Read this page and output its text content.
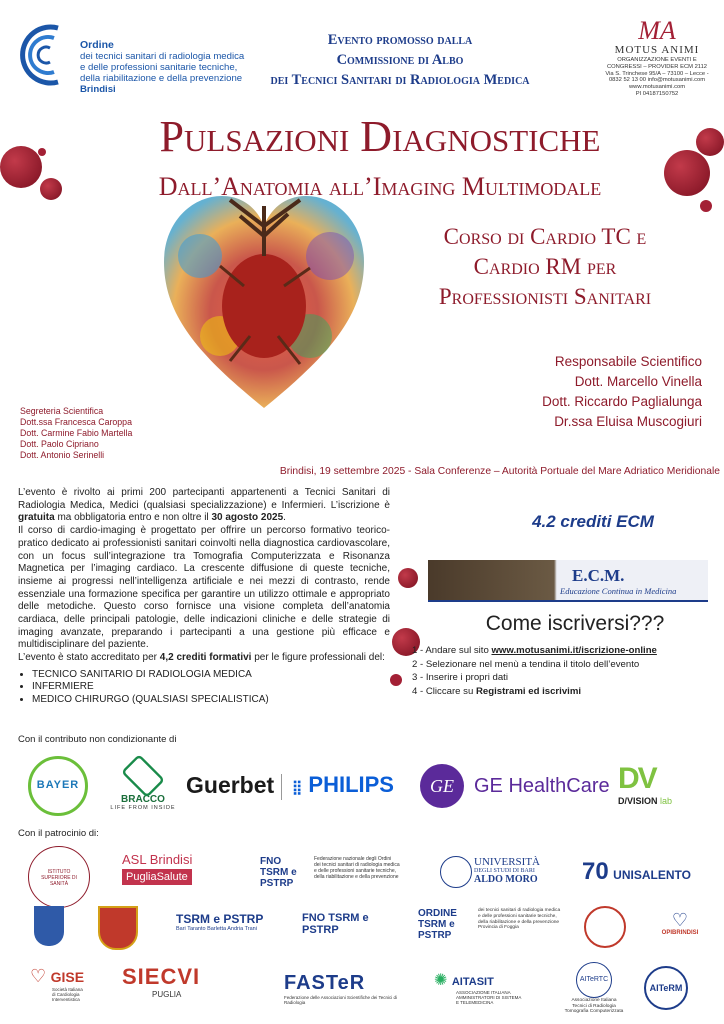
Ordine
dei tecnici sanitari di radiologia medica
e delle professioni sanitarie tecniche,
della riabilitazione e della prevenzione
Brindisi
Evento promosso dalla
Commissione di Albo
dei Tecnici Sanitari di Radiologia Medica
MA
MOTUS ANIMI
ORGANIZZAZIONE EVENTI E
CONGRESSI – PROVIDER ECM 2112
Via S. Trinchese 95/A – 73100 – Lecce -
0832 52 13 00 info@motusanimi.com
www.motusanimi.com
PI 04187150752
Pulsazioni Diagnostiche
Dall’Anatomia all’Imaging Multimodale
Corso di Cardio TC e
Cardio RM per
Professionisti Sanitari
Responsabile Scientifico
Dott. Marcello Vinella
Dott. Riccardo Paglialunga
Dr.ssa Eluisa Muscogiuri
Segreteria Scientifica
Dott.ssa Francesca Caroppa
Dott. Carmine Fabio Martella
Dott. Paolo Cipriano
Dott. Antonio Serinelli
Brindisi, 19 settembre 2025 - Sala Conferenze – Autorità Portuale del Mare Adriatico Meridionale

L’evento è rivolto ai primi 200 partecipanti appartenenti a Tecnici Sanitari di Radiologia Medica, Medici (qualsiasi specializzazione) e Infermieri. L’iscrizione è gratuita ma obbligatoria entro e non oltre il 30 agosto 2025.

Il corso di cardio-imaging è progettato per offrire un percorso formativo teorico-pratico dedicato ai professionisti sanitari coinvolti nella diagnostica cardiovascolare, con un focus sull’integrazione tra Tomografia Computerizzata e Risonanza Magnetica per l’imaging cardiaco. La crescente diffusione di queste tecniche, insieme ai progressi nell’intelligenza artificiale e nei mezzi di contrasto, rende essenziale una formazione specifica per garantire un utilizzo ottimale e appropriato delle metodiche. Questo corso fornisce una visione completa dell’anatomia cardiaca, delle principali patologie, delle indicazioni cliniche e delle strategie di imaging avanzate, preparando i partecipanti a una gestione più efficace e multidisciplinare del paziente.

L’evento è stato accreditato per 4,2 crediti formativi per le figure professionali del:

• TECNICO SANITARIO DI RADIOLOGIA MEDICA
• INFERMIERE
• MEDICO CHIRURGO (QUALSIASI SPECIALISTICA)
4.2 crediti ECM
E.C.M.
Educazione Continua in Medicina
Come iscriversi???
1 - Andare sul sito www.motusanimi.it/iscrizione-online
2 - Selezionare nel menù a tendina il titolo dell’evento
3 - Inserire i propri dati
4 - Cliccare su Registrami ed iscrivimi
Con il contributo non condizionante di
BAYER
BRACCO
LIFE FROM INSIDE
Guerbet ⣿ PHILIPS	GE	GE HealthCare DV
D/VISION lab
Con il patrocinio di:
ISTITUTO SUPERIORE DI SANITÀ
ASL Brindisi
PugliaSalute
FNO TSRM e PSTRP
Federazione nazionale degli Ordini
dei tecnici sanitari di radiologia medica
e delle professioni sanitarie tecniche,
della riabilitazione e della prevenzione
UNIVERSITÀ
DEGLI STUDI DI BARI
ALDO MORO	70 UNISALENTO
TSRM e PSTRP
Bari Taranto Barletta Andria Trani
FNO TSRM e PSTRP
ORDINE TSRM e PSTRP
dei tecnici sanitari di radiologia medica
e delle professioni sanitarie tecniche,
della riabilitazione e della prevenzione
Provincia di Foggia	♡
OPIBRINDISI
♡ GISE
Società Italiana
di Cardiologia
Interventistica
SIECVI
PUGLIA
FASTeR
Federazione delle Associazioni Scientifiche dei Tecnici di Radiologia
✺ AITASIT
ASSOCIAZIONE ITALIANA
AMMINISTRATORI DI SISTEMA
E TELEMEDICINA
AITeRTC
Associazione Italiana
Tecnici di Radiologia
Tomografia Computerizzata
AITeRM
